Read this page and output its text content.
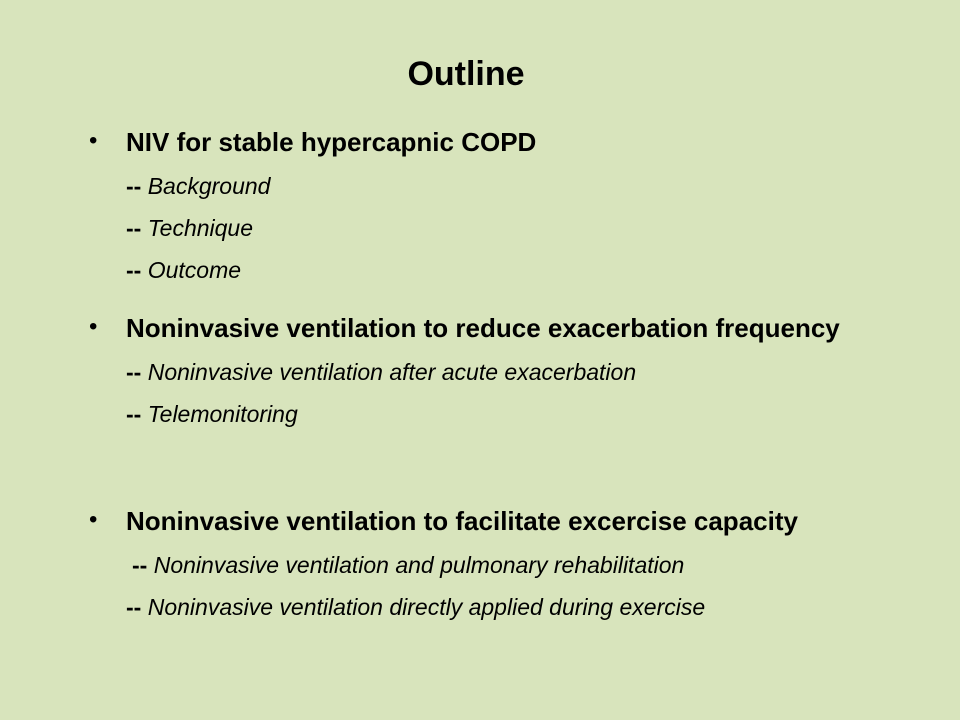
Outline
• NIV for stable hypercapnic COPD
-- Background
-- Technique
-- Outcome
• Noninvasive ventilation to reduce exacerbation frequency
-- Noninvasive ventilation after acute exacerbation
-- Telemonitoring
• Noninvasive ventilation to facilitate excercise capacity
-- Noninvasive ventilation and pulmonary rehabilitation
-- Noninvasive ventilation directly applied during exercise
